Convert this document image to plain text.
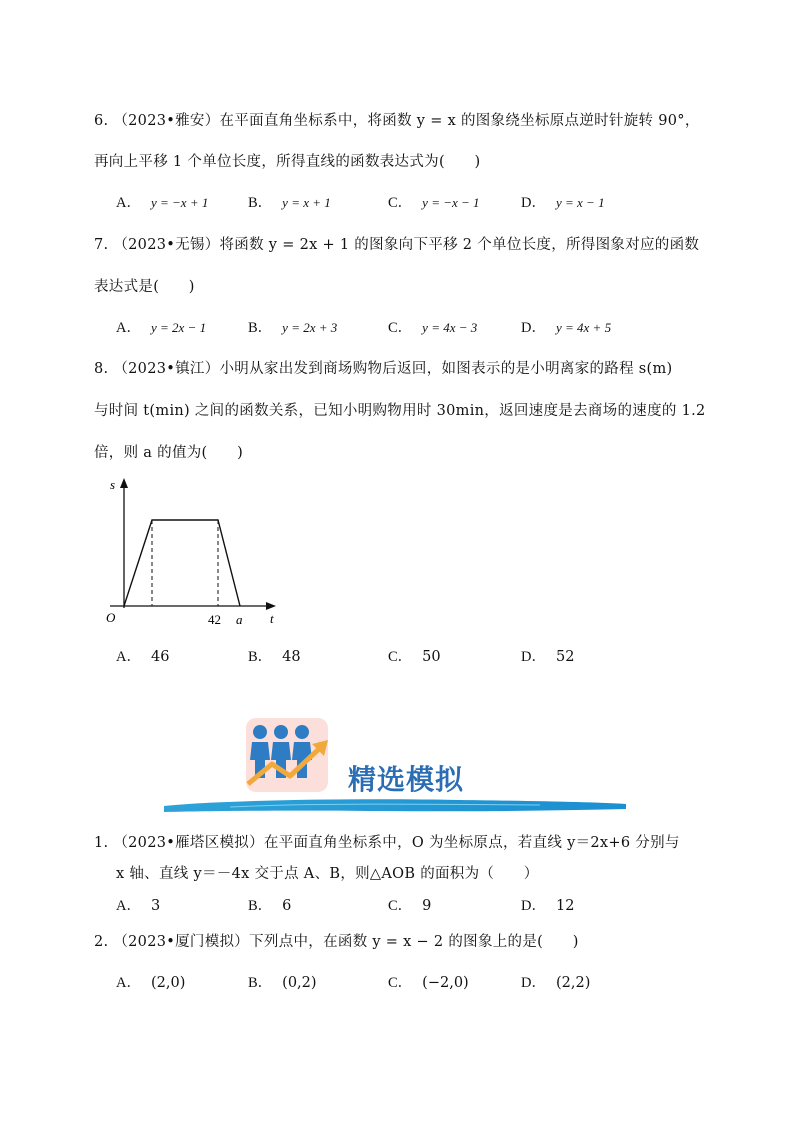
6. （2023•雅安）在平面直角坐标系中，将函数 y = x 的图象绕坐标原点逆时针旋转 90°，
再向上平移 1 个单位长度，所得直线的函数表达式为(　　)
A． y = −x + 1	B． y = x + 1	C． y = −x − 1	D． y = x − 1
7. （2023•无锡）将函数 y = 2x + 1 的图象向下平移 2 个单位长度，所得图象对应的函数
表达式是(　　)
A． y = 2x − 1	B． y = 2x + 3	C． y = 4x − 3	D． y = 4x + 5
8. （2023•镇江）小明从家出发到商场购物后返回，如图表示的是小明离家的路程 s(m)
与时间 t(min) 之间的函数关系，已知小明购物用时 30min，返回速度是去商场的速度的 1.2
倍，则 a 的值为(　　)
s
t
O	42 a
A． 46	B． 48	C． 50	D． 52
精选模拟
1. （2023•雁塔区模拟）在平面直角坐标系中，O 为坐标原点，若直线 y＝2x+6 分别与
x 轴、直线 y＝－4x 交于点 A、B，则△AOB 的面积为（　　）
A． 3	B． 6	C． 9	D． 12
2. （2023•厦门模拟）下列点中，在函数 y = x − 2 的图象上的是(　　)
A． (2,0)	B． (0,2)	C． (−2,0)	D． (2,2)
